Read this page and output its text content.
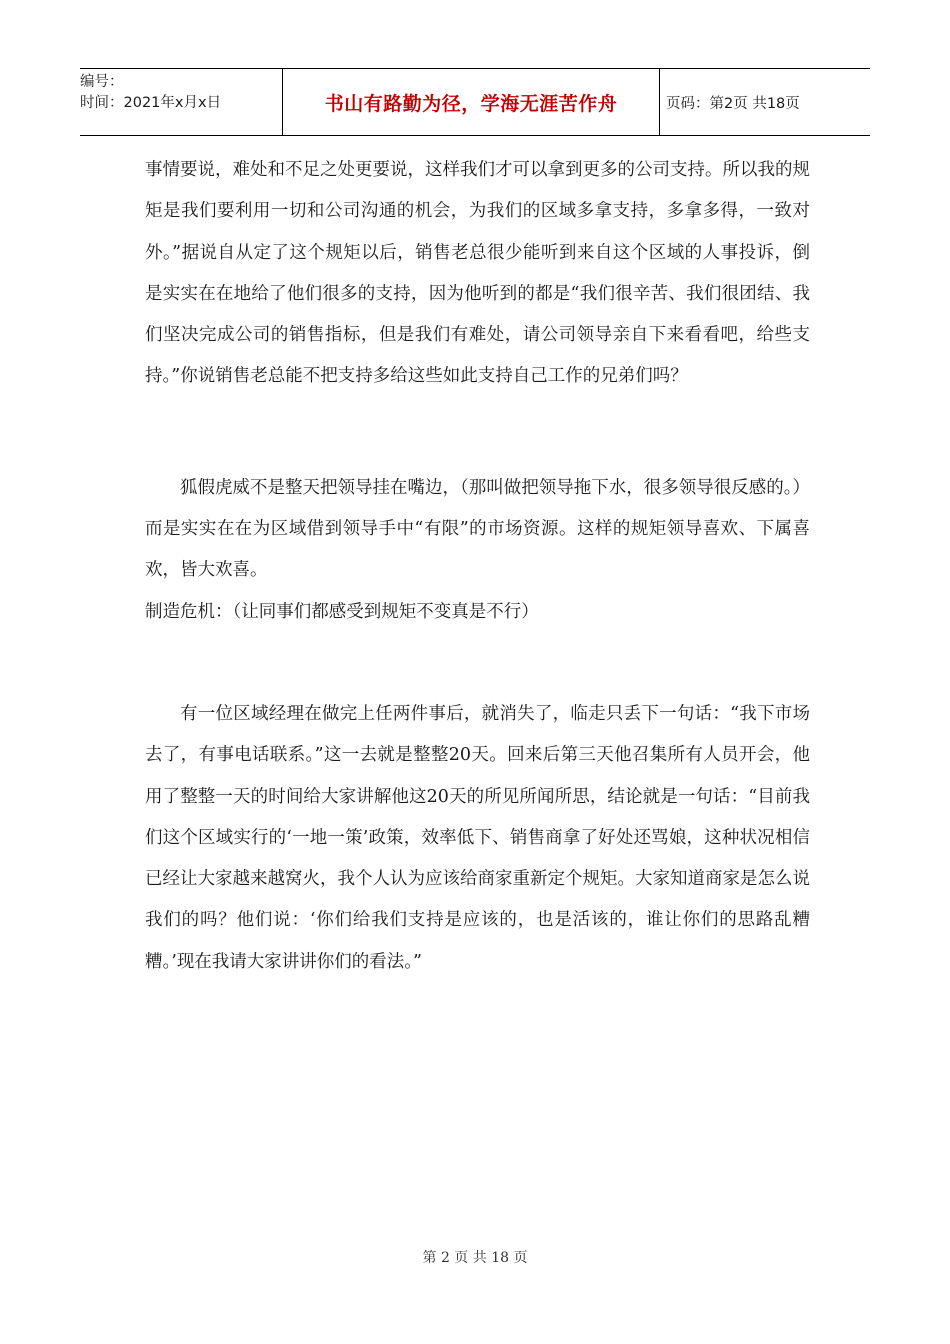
编号：
时间：2021年x月x日	书山有路勤为径，学海无涯苦作舟	页码：第2页 共18页

事情要说，难处和不足之处更要说，这样我们才可以拿到更多的公司支持。所以我的规矩是我们要利用一切和公司沟通的机会，为我们的区域多拿支持，多拿多得，一致对外。”据说自从定了这个规矩以后，销售老总很少能听到来自这个区域的人事投诉，倒是实实在在地给了他们很多的支持，因为他听到的都是“我们很辛苦、我们很团结、我们坚决完成公司的销售指标，但是我们有难处，请公司领导亲自下来看看吧，给些支持。”你说销售老总能不把支持多给这些如此支持自己工作的兄弟们吗？

狐假虎威不是整天把领导挂在嘴边，（那叫做把领导拖下水，很多领导很反感的。）而是实实在在为区域借到领导手中“有限”的市场资源。这样的规矩领导喜欢、下属喜欢，皆大欢喜。

制造危机：（让同事们都感受到规矩不变真是不行）

有一位区域经理在做完上任两件事后，就消失了，临走只丢下一句话：“我下市场去了，有事电话联系。”这一去就是整整20天。回来后第三天他召集所有人员开会，他用了整整一天的时间给大家讲解他这20天的所见所闻所思，结论就是一句话：“目前我们这个区域实行的‘一地一策’政策，效率低下、销售商拿了好处还骂娘，这种状况相信已经让大家越来越窝火，我个人认为应该给商家重新定个规矩。大家知道商家是怎么说我们的吗？他们说：‘你们给我们支持是应该的，也是活该的，谁让你们的思路乱糟糟。’现在我请大家讲讲你们的看法。”

第 2 页 共 18 页
